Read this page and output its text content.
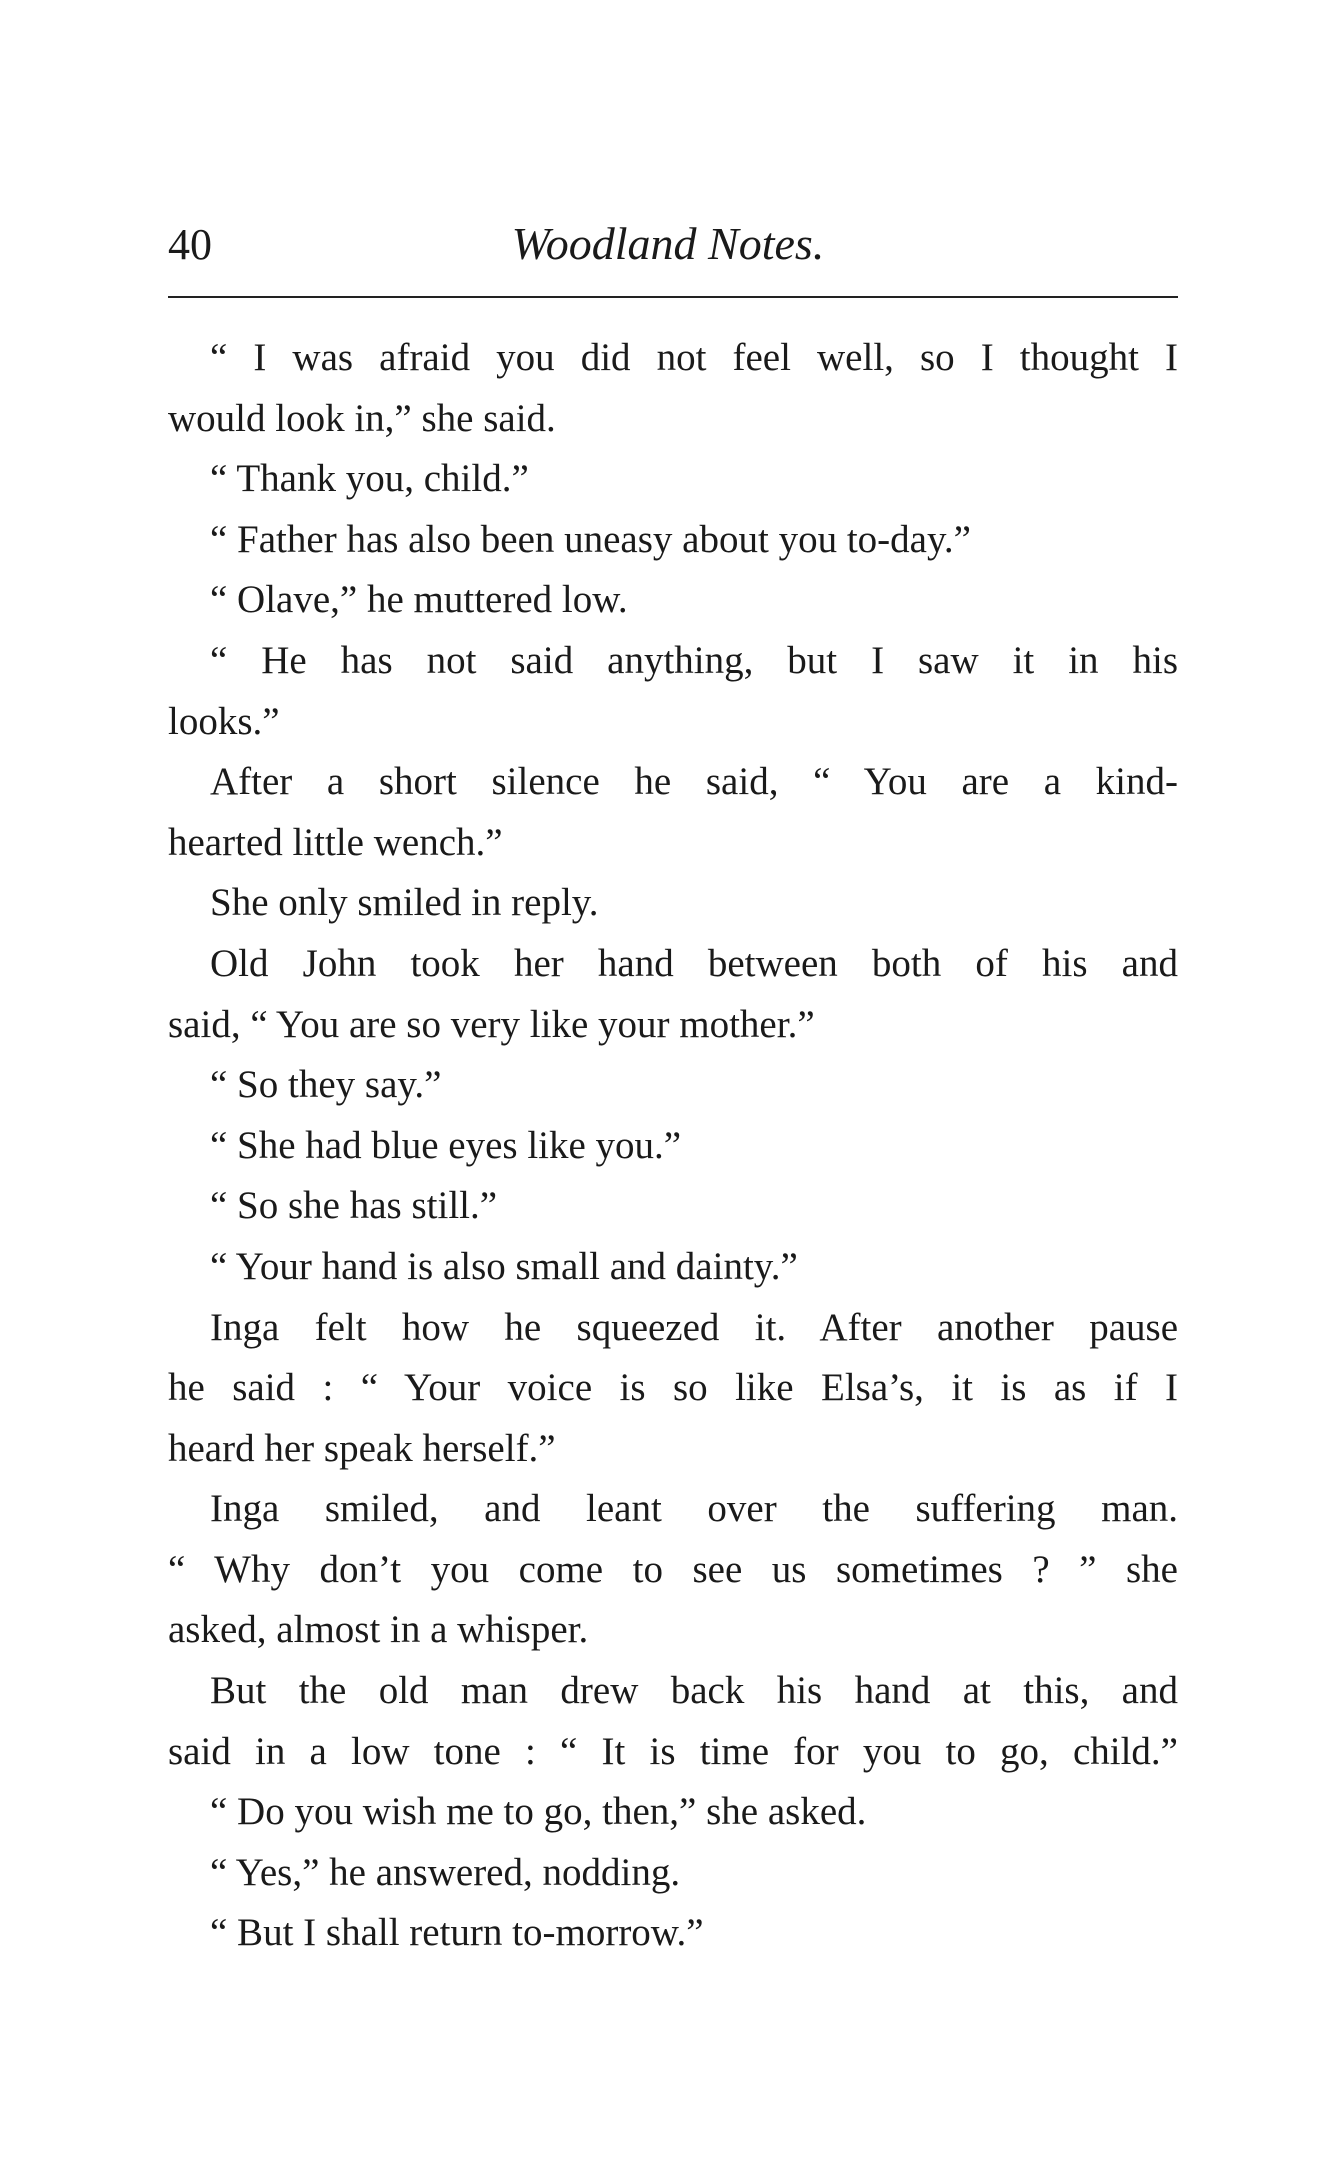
40	Woodland Notes.
“ I was afraid you did not feel well, so I thought I
would look in,” she said.
“ Thank you, child.”
“ Father has also been uneasy about you to-day.”
“ Olave,” he muttered low.
“ He has not said anything, but I saw it in his
looks.”
After a short silence he said, “ You are a kind-
hearted little wench.”
She only smiled in reply.
Old John took her hand between both of his and
said, “ You are so very like your mother.”
“ So they say.”
“ She had blue eyes like you.”
“ So she has still.”
“ Your hand is also small and dainty.”
Inga felt how he squeezed it. After another pause
he said : “ Your voice is so like Elsa’s, it is as if I
heard her speak herself.”
Inga smiled, and leant over the suffering man.
“ Why don’t you come to see us sometimes ? ” she
asked, almost in a whisper.
But the old man drew back his hand at this, and
said in a low tone : “ It is time for you to go, child.”
“ Do you wish me to go, then,” she asked.
“ Yes,” he answered, nodding.
“ But I shall return to-morrow.”
